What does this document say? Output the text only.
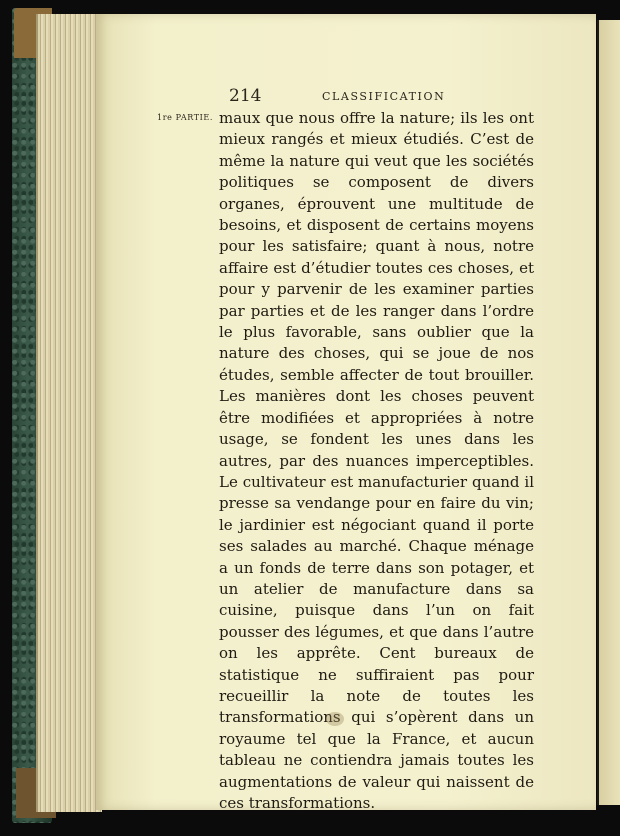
214	CLASSIFICATION
1re PARTIE. maux que nous offre la nature; ils les ont mieux rangés et mieux étudiés. C’est de même la nature qui veut que les sociétés politiques se composent de divers organes, éprouvent une multitude de besoins, et disposent de certains moyens pour les satisfaire; quant à nous, notre affaire est d’étudier toutes ces choses, et pour y parvenir de les examiner parties par parties et de les ranger dans l’ordre le plus favorable, sans oublier que la nature des choses, qui se joue de nos études, semble affecter de tout brouiller. Les manières dont les choses peuvent être modifiées et appropriées à notre usage, se fondent les unes dans les autres, par des nuances imperceptibles. Le cultivateur est manufacturier quand il presse sa vendange pour en faire du vin; le jardinier est négociant quand il porte ses salades au marché. Chaque ménage a un fonds de terre dans son potager, et un atelier de manufacture dans sa cuisine, puisque dans l’un on fait pousser des légumes, et que dans l’autre on les apprête. Cent bureaux de statistique ne suffiraient pas pour recueillir la note de toutes les transformations qui s’opèrent dans un royaume tel que la France, et aucun tableau ne contiendra jamais toutes les augmentations de valeur qui naissent de ces transformations.
